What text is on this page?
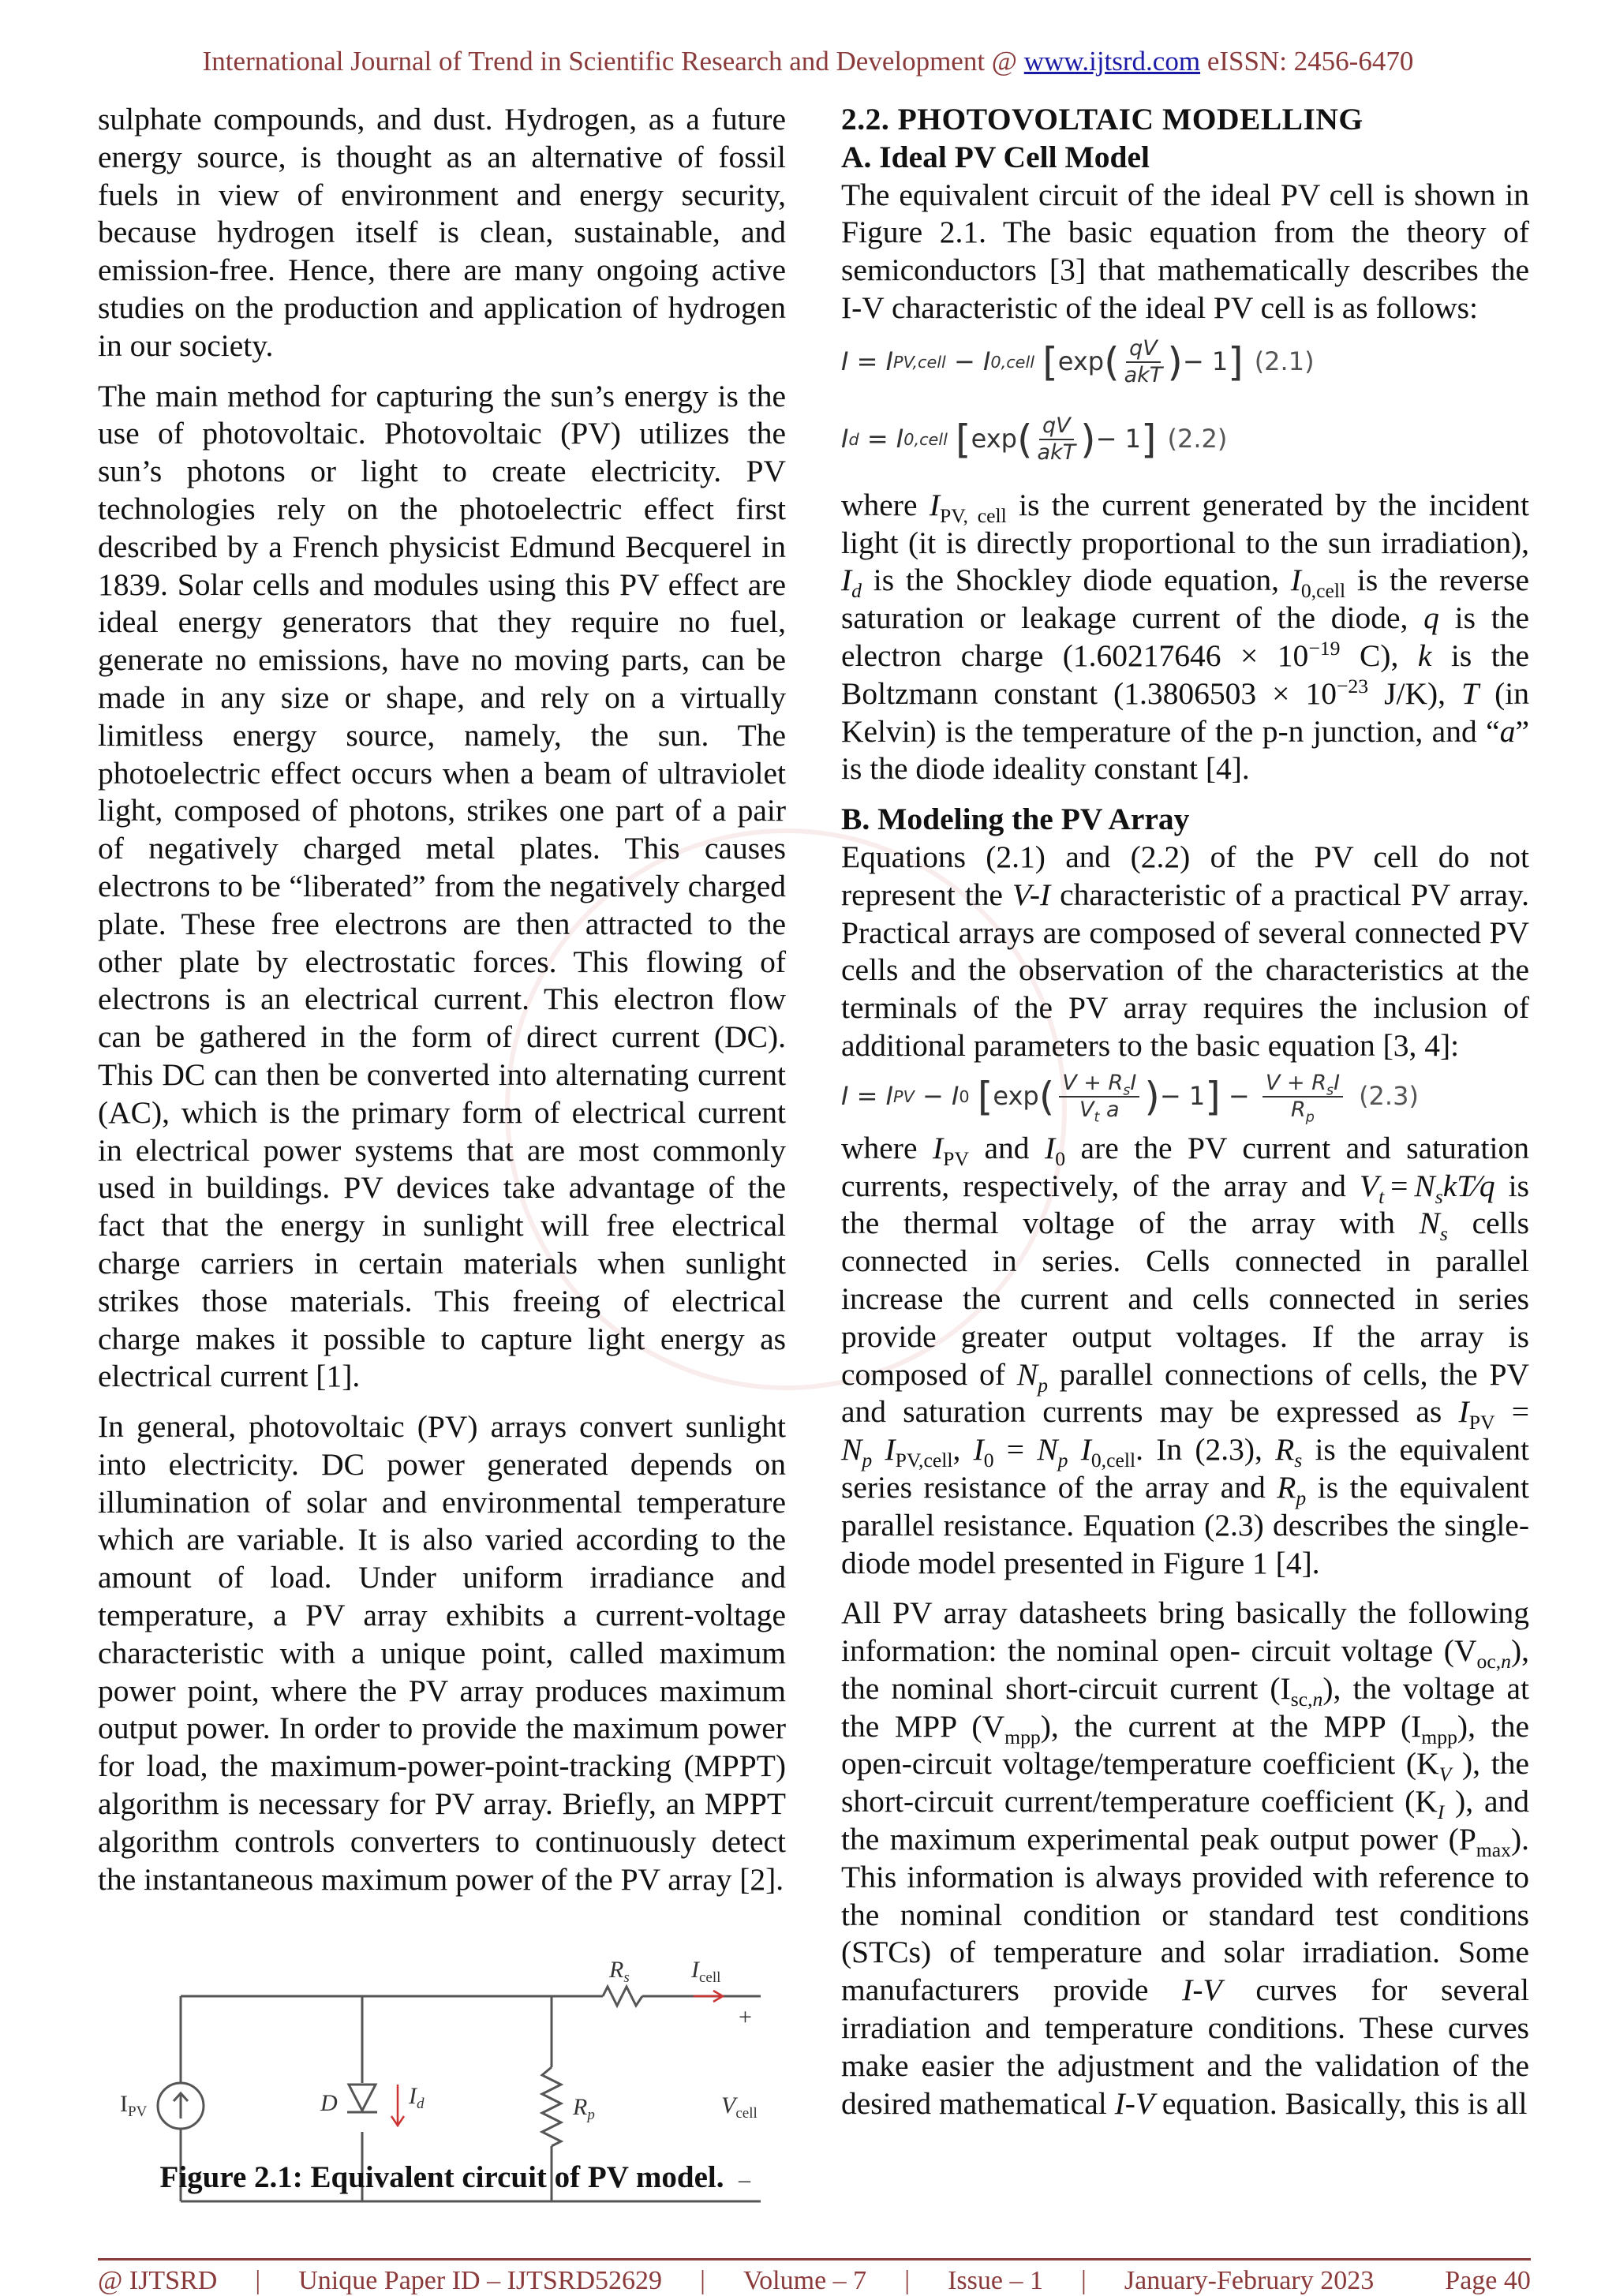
International Journal of Trend in Scientific Research and Development @ www.ijtsrd.com eISSN: 2456-6470

sulphate compounds, and dust. Hydrogen, as a future energy source, is thought as an alternative of fossil fuels in view of environment and energy security, because hydrogen itself is clean, sustainable, and emission-free. Hence, there are many ongoing active studies on the production and application of hydrogen in our society.

The main method for capturing the sun’s energy is the use of photovoltaic. Photovoltaic (PV) utilizes the sun’s photons or light to create electricity. PV technologies rely on the photoelectric effect first described by a French physicist Edmund Becquerel in 1839. Solar cells and modules using this PV effect are ideal energy generators that they require no fuel, generate no emissions, have no moving parts, can be made in any size or shape, and rely on a virtually limitless energy source, namely, the sun. The photoelectric effect occurs when a beam of ultraviolet light, composed of photons, strikes one part of a pair of negatively charged metal plates. This causes electrons to be “liberated” from the negatively charged plate. These free electrons are then attracted to the other plate by electrostatic forces. This flowing of electrons is an electrical current. This electron flow can be gathered in the form of direct current (DC). This DC can then be converted into alternating current (AC), which is the primary form of electrical current in electrical power systems that are most commonly used in buildings. PV devices take advantage of the fact that the energy in sunlight will free electrical charge carriers in certain materials when sunlight strikes those materials. This freeing of electrical charge makes it possible to capture light energy as electrical current [1].

In general, photovoltaic (PV) arrays convert sunlight into electricity. DC power generated depends on illumination of solar and environmental temperature which are variable. It is also varied according to the amount of load. Under uniform irradiance and temperature, a PV array exhibits a current-voltage characteristic with a unique point, called maximum power point, where the PV array produces maximum output power. In order to provide the maximum power for load, the maximum-power-point-tracking (MPPT) algorithm is necessary for PV array. Briefly, an MPPT algorithm controls converters to continuously detect the instantaneous maximum power of the PV array [2].

$I_{PV}$	D	$I_d$	$R_p$
$R_s$	$I_{cell}$
+
$V_{cell}$
–
Figure 2.1: Equivalent circuit of PV model.
2.2. PHOTOVOLTAIC MODELLING
A. Ideal PV Cell Model

The equivalent circuit of the ideal PV cell is shown in Figure 2.1. The basic equation from the theory of semiconductors [3] that mathematically describes the I-V characteristic of the ideal PV cell is as follows:

I = I PV,cell − I 0,cell
[ exp ( $\frac{qV}{\text{akT}}$ ) − 1 ] (2.1)
I d = I 0,cell
[ exp ( $\frac{qV}{\text{akT}}$ ) − 1 ] (2.2)

where $I_{PV, cell}$ is the current generated by the incident light (it is directly proportional to the sun irradiation), $I_d$ is the Shockley diode equation, $I_{0,cell}$ is the reverse saturation or leakage current of the diode, q is the electron charge ($1.60217646 \times 10^{-19}$ C), k is the Boltzmann constant ($1.3806503 \times 10^{-23}$ J/K), T (in Kelvin) is the temperature of the p-n junction, and “a” is the diode ideality constant [4].

B. Modeling the PV Array

Equations (2.1) and (2.2) of the PV cell do not represent the V-I characteristic of a practical PV array. Practical arrays are composed of several connected PV cells and the observation of the characteristics at the terminals of the PV array requires the inclusion of additional parameters to the basic equation [3, 4]:

I = I PV − I 0
[ exp ( $\frac{V + R_sI}{V_t a}$ ) − 1 ] − $\frac{V + R_sI}{R_p} (2.3)$

where $I_{PV}$ and $I_0$ are the PV current and saturation currents, respectively, of the array and $V_t$ = $N_skT∕q$ is the thermal voltage of the array with $N_s$ cells connected in series. Cells connected in parallel increase the current and cells connected in series provide greater output voltages. If the array is composed of $N_p$ parallel connections of cells, the PV and saturation currents may be expressed as $I_{PV} = N_p$ $I_{PV,cell}$, $I_0 = N_p$ $I_{0,cell}$. In (2.3), $R_s$ is the equivalent series resistance of the array and $R_p$ is the equivalent parallel resistance. Equation (2.3) describes the single-diode model presented in Figure 1 [4].

All PV array datasheets bring basically the following information: the nominal open- circuit voltage $(V_{oc,n})$, the nominal short-circuit current $(I_{sc,n})$, the voltage at the MPP $(V_{mpp})$, the current at the MPP $(I_{mpp})$, the open-circuit voltage/temperature coefficient ($K_V$ ), the short-circuit current/temperature coefficient ($K_I$ ), and the maximum experimental peak output power $(P_{max})$. This information is always provided with reference to the nominal condition or standard test conditions (STCs) of temperature and solar irradiation. Some manufacturers provide I-V curves for several irradiation and temperature conditions. These curves make easier the adjustment and the validation of the desired mathematical I-V equation. Basically, this is all

@ IJTSRD | Unique Paper ID – IJTSRD52629 | Volume – 7 | Issue – 1 | January-February 2023	Page 40
